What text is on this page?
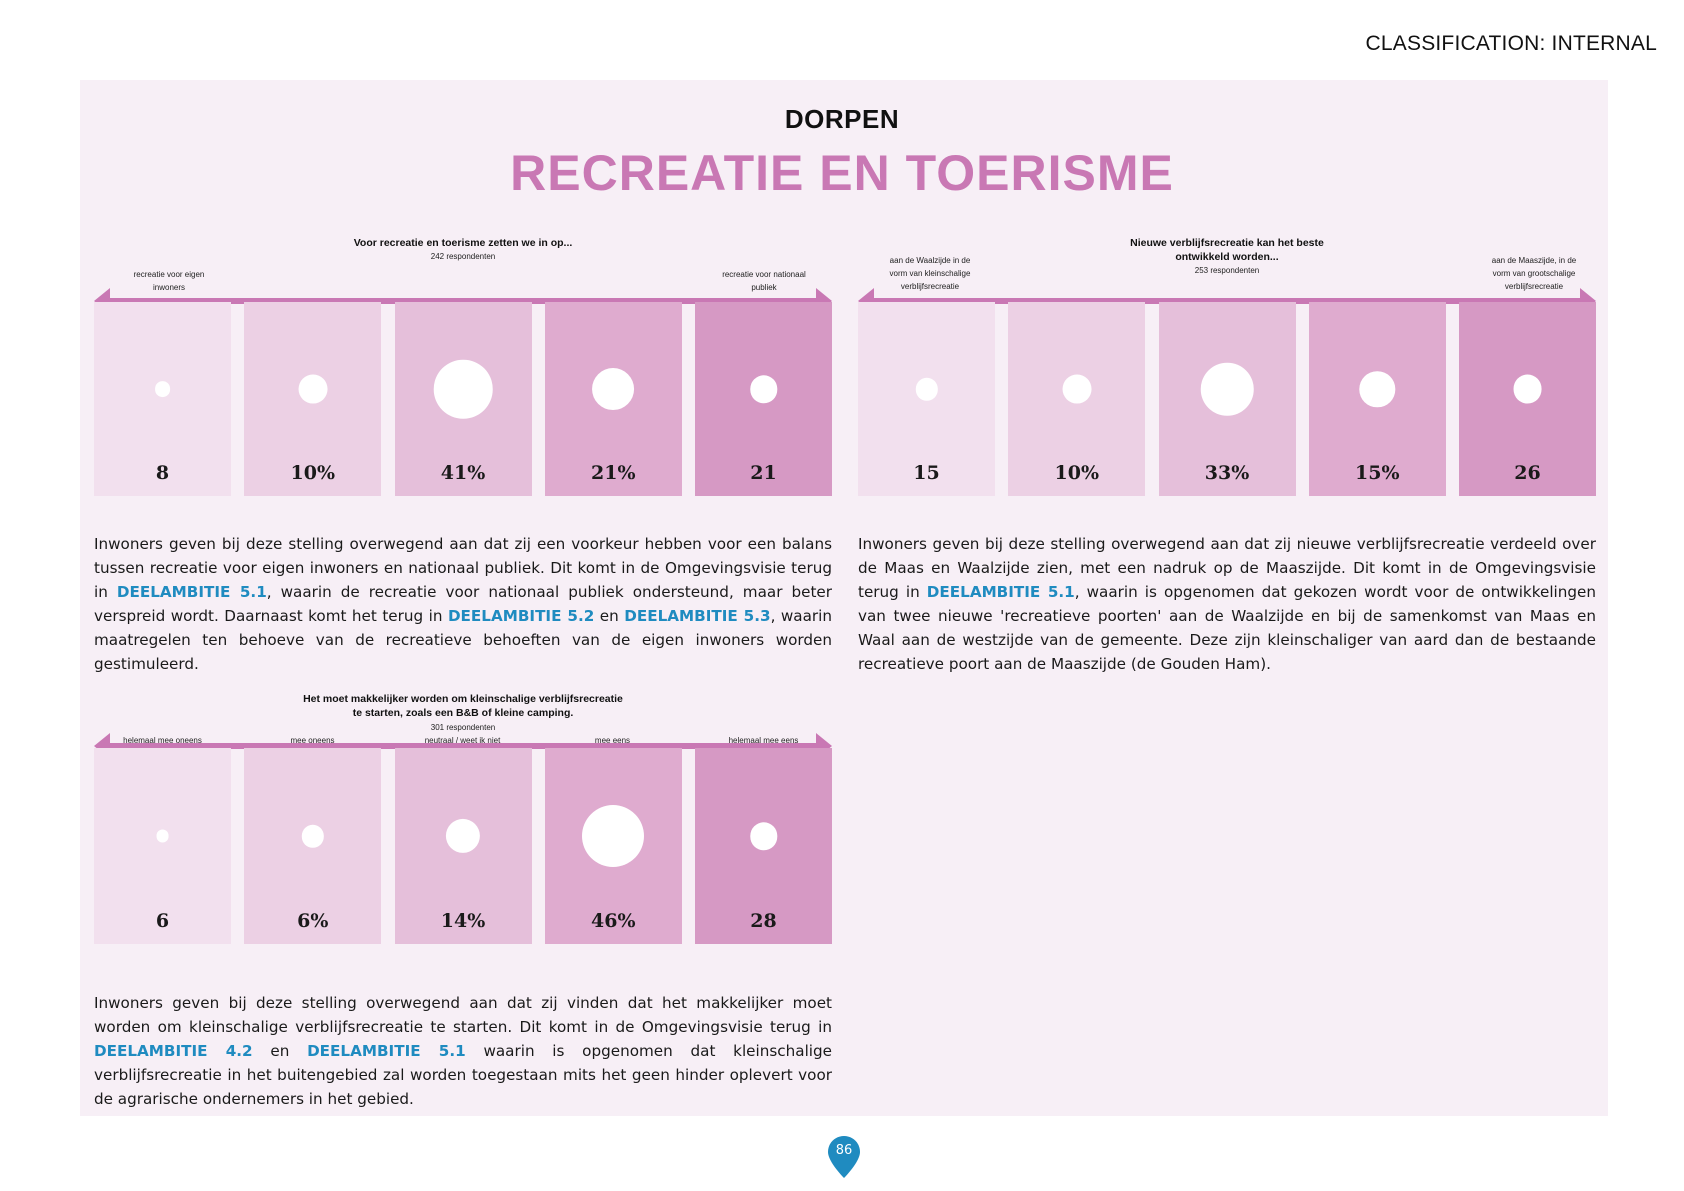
CLASSIFICATION: INTERNAL
DORPEN
RECREATIE EN TOERISME
Voor recreatie en toerisme zetten we in op...
242 respondenten
recreatie voor eigen
inwoners
recreatie voor nationaal
publiek
8	10%	41%	21%	21
Nieuwe verblijfsrecreatie kan het beste
ontwikkeld worden...
253 respondenten
aan de Waalzijde in de
vorm van kleinschalige
verblijfsrecreatie
aan de Maaszijde, in de
vorm van grootschalige
verblijfsrecreatie
15	10%	33%	15%	26
Het moet makkelijker worden om kleinschalige verblijfsrecreatie
te starten, zoals een B&B of kleine camping.
301 respondenten
helemaal mee oneens	mee oneens	neutraal / weet ik niet	mee eens	helemaal mee eens
6	6%	14%	46%	28
Inwoners geven bij deze stelling overwegend aan dat zij een voorkeur hebben voor een balans tussen recreatie voor eigen inwoners en nationaal publiek. Dit komt in de Omgevingsvisie terug in DEELAMBITIE 5.1, waarin de recreatie voor nationaal publiek ondersteund, maar beter verspreid wordt. Daarnaast komt het terug in DEELAMBITIE 5.2 en DEELAMBITIE 5.3, waarin maatregelen ten behoeve van de recreatieve behoeften van de eigen inwoners worden gestimuleerd.
Inwoners geven bij deze stelling overwegend aan dat zij nieuwe verblijfsrecreatie verdeeld over de Maas en Waalzijde zien, met een nadruk op de Maaszijde. Dit komt in de Omgevingsvisie terug in DEELAMBITIE 5.1, waarin is opgenomen dat gekozen wordt voor de ontwikkelingen van twee nieuwe 'recreatieve poorten' aan de Waalzijde en bij de samenkomst van Maas en Waal aan de westzijde van de gemeente. Deze zijn kleinschaliger van aard dan de bestaande recreatieve poort aan de Maaszijde (de Gouden Ham).
Inwoners geven bij deze stelling overwegend aan dat zij vinden dat het makkelijker moet worden om kleinschalige verblijfsrecreatie te starten. Dit komt in de Omgevingsvisie terug in DEELAMBITIE 4.2 en DEELAMBITIE 5.1 waarin is opgenomen dat kleinschalige verblijfsrecreatie in het buitengebied zal worden toegestaan mits het geen hinder oplevert voor de agrarische ondernemers in het gebied.
86
